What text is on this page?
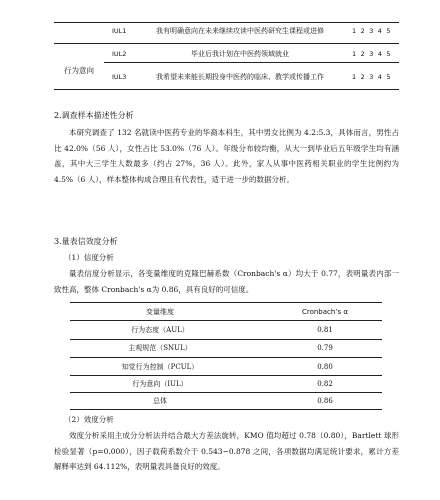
行为意向
IUL1	我有明确意向在未来继续攻读中医药研究生课程或进修	1 2 3 4 5
IUL2	毕业后我计划在中医药领域就业	1 2 3 4 5
IUL3	我希望未来能长期投身中医药的临床、教学或传播工作	1 2 3 4 5
2.调查样本描述性分析

本研究调查了 132 名就读中医药专业的华裔本科生，其中男女比例为 4.2:5.3，具体而言，男性占比 42.0%（56 人），女性占比 53.0%（76 人）。年级分布较均衡，从大一到毕业后五年级学生均有涵盖，其中大三学生人数最多（约占 27%，36 人）。此外，家人从事中医药相关职业的学生比例约为 4.5%（6 人），样本整体构成合理且有代表性，适于进一步的数据分析。

3.量表信效度分析
（1）信度分析

量表信度分析显示，各变量维度的克隆巴赫系数（Cronbach's α）均大于 0.77，表明量表内部一致性高，整体 Cronbach's α为 0.86，具有良好的可信度。

变量维度	Cronbach’s α
行为态度（AUL）	0.81
主观规范（SNUL）	0.79
知觉行为控制（PCUL）	0.80
行为意向（IUL）	0.82
总体	0.86
（2）效度分析

效度分析采用主成分分析法并结合最大方差法旋转，KMO 值均超过 0.78（0.80），Bartlett 球形检验显著（p=0.000），因子载荷系数介于 0.543~0.878 之间，各项数据均满足统计要求，累计方差解释率达到 64.112%，表明量表具备良好的效度。
